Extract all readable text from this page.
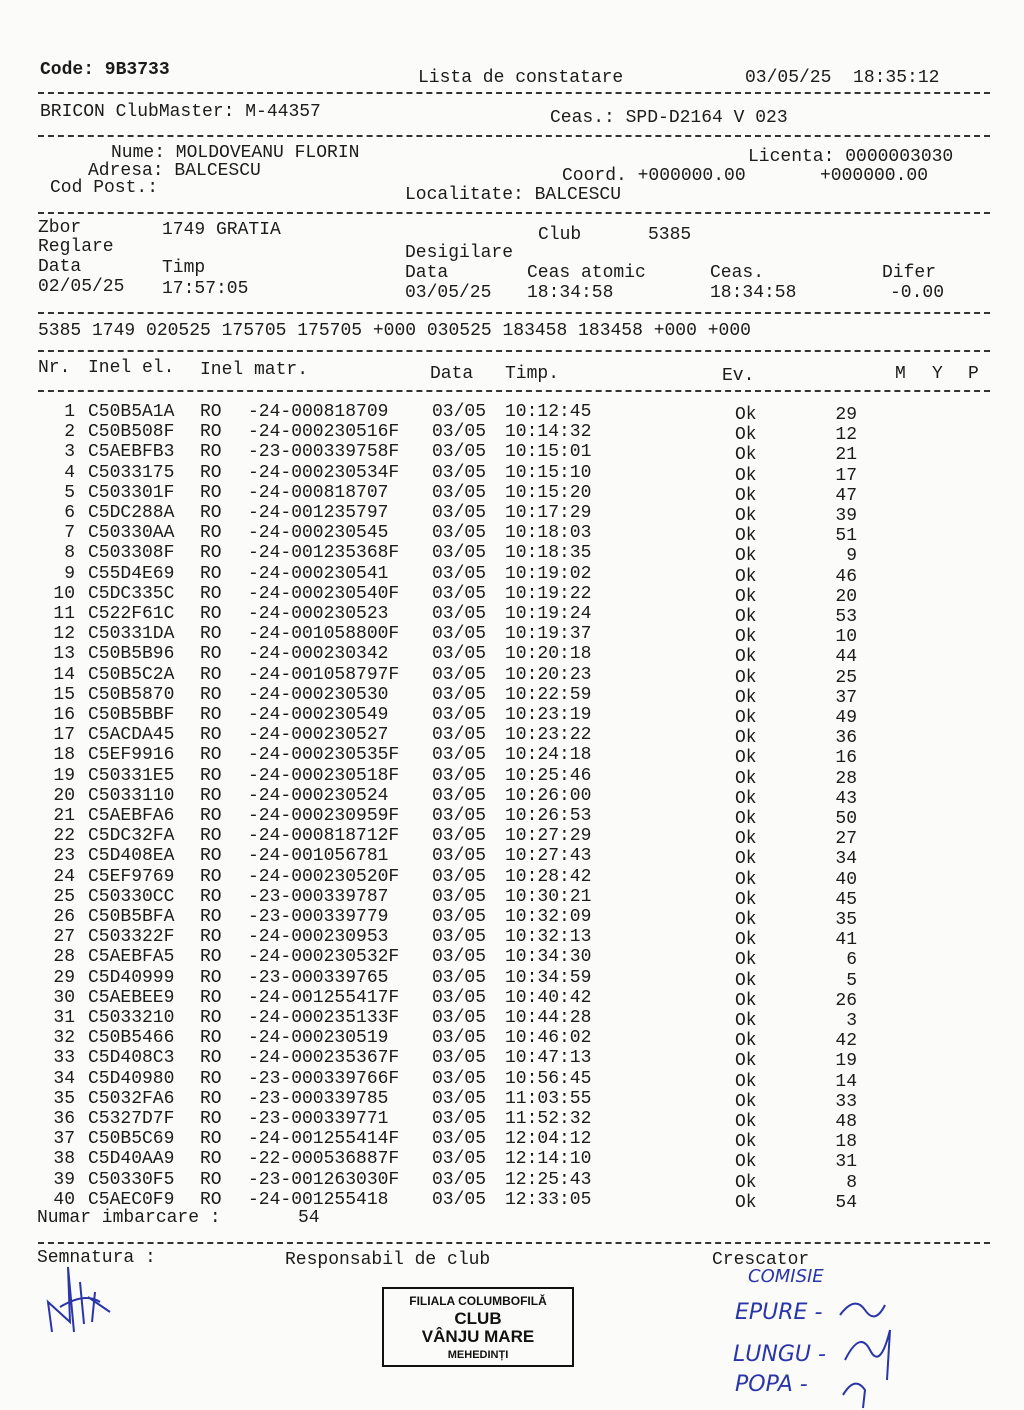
Code: 9B3733	Lista de constatare	03/05/25  18:35:12
BRICON ClubMaster: M-44357	Ceas.: SPD-D2164 V 023
Nume: MOLDOVEANU FLORIN	Licenta: 0000003030
Adresa: BALCESCU	Coord. +000000.00	+000000.00
Cod Post.:	Localitate: BALCESCU
Zbor	1749 GRATIA	Club	5385
Reglare	Desigilare
Data	Timp	Data	Ceas atomic	Ceas.	Difer
02/05/25 17:57:05	03/05/25 18:34:58	18:34:58	-0.00
5385 1749 020525 175705 175705 +000 030525 183458 183458 +000 +000
Nr. Inel el. Inel matr.	Data Timp.	Ev.	M Y P
1 C50B5A1A RO -24-000818709 03/05 10:12:45	Ok	29
2 C50B508F RO -24-000230516F 03/05 10:14:32	Ok	12
3 C5AEBFB3 RO -23-000339758F 03/05 10:15:01	Ok	21
4 C5033175 RO -24-000230534F 03/05 10:15:10	Ok	17
5 C503301F RO -24-000818707 03/05 10:15:20	Ok	47
6 C5DC288A RO -24-001235797 03/05 10:17:29	Ok	39
7 C50330AA RO -24-000230545 03/05 10:18:03	Ok	51
8 C503308F RO -24-001235368F 03/05 10:18:35	Ok	9
9 C55D4E69 RO -24-000230541 03/05 10:19:02	Ok	46
10 C5DC335C RO -24-000230540F 03/05 10:19:22	Ok	20
11 C522F61C RO -24-000230523 03/05 10:19:24	Ok	53
12 C50331DA RO -24-001058800F 03/05 10:19:37	Ok	10
13 C50B5B96 RO -24-000230342 03/05 10:20:18	Ok	44
14 C50B5C2A RO -24-001058797F 03/05 10:20:23	Ok	25
15 C50B5870 RO -24-000230530 03/05 10:22:59	Ok	37
16 C50B5BBF RO -24-000230549 03/05 10:23:19	Ok	49
17 C5ACDA45 RO -24-000230527 03/05 10:23:22	Ok	36
18 C5EF9916 RO -24-000230535F 03/05 10:24:18	Ok	16
19 C50331E5 RO -24-000230518F 03/05 10:25:46	Ok	28
20 C5033110 RO -24-000230524 03/05 10:26:00	Ok	43
21 C5AEBFA6 RO -24-000230959F 03/05 10:26:53	Ok	50
22 C5DC32FA RO -24-000818712F 03/05 10:27:29	Ok	27
23 C5D408EA RO -24-001056781 03/05 10:27:43	Ok	34
24 C5EF9769 RO -24-000230520F 03/05 10:28:42	Ok	40
25 C50330CC RO -23-000339787 03/05 10:30:21	Ok	45
26 C50B5BFA RO -23-000339779 03/05 10:32:09	Ok	35
27 C503322F RO -24-000230953 03/05 10:32:13	Ok	41
28 C5AEBFA5 RO -24-000230532F 03/05 10:34:30	Ok	6
29 C5D40999 RO -23-000339765 03/05 10:34:59	Ok	5
30 C5AEBEE9 RO -24-001255417F 03/05 10:40:42	Ok	26
31 C5033210 RO -24-000235133F 03/05 10:44:28	Ok	3
32 C50B5466 RO -24-000230519 03/05 10:46:02	Ok	42
33 C5D408C3 RO -24-000235367F 03/05 10:47:13	Ok	19
34 C5D40980 RO -23-000339766F 03/05 10:56:45	Ok	14
35 C5032FA6 RO -23-000339785 03/05 11:03:55	Ok	33
36 C5327D7F RO -23-000339771 03/05 11:52:32	Ok	48
37 C50B5C69 RO -24-001255414F 03/05 12:04:12	Ok	18
38 C5D40AA9 RO -22-000536887F 03/05 12:14:10	Ok	31
39 C50330F5 RO -23-001263030F 03/05 12:25:43	Ok	8
40 C5AEC0F9 RO -24-001255418 03/05 12:33:05	Ok	54
Numar imbarcare :	54
Semnatura :	Responsabil de club	Crescator
FILIALA COLUMBOFILĂ
CLUB
VÂNJU MARE
MEHEDINȚI
COMISIE
EPURE -
LUNGU -
POPA -
